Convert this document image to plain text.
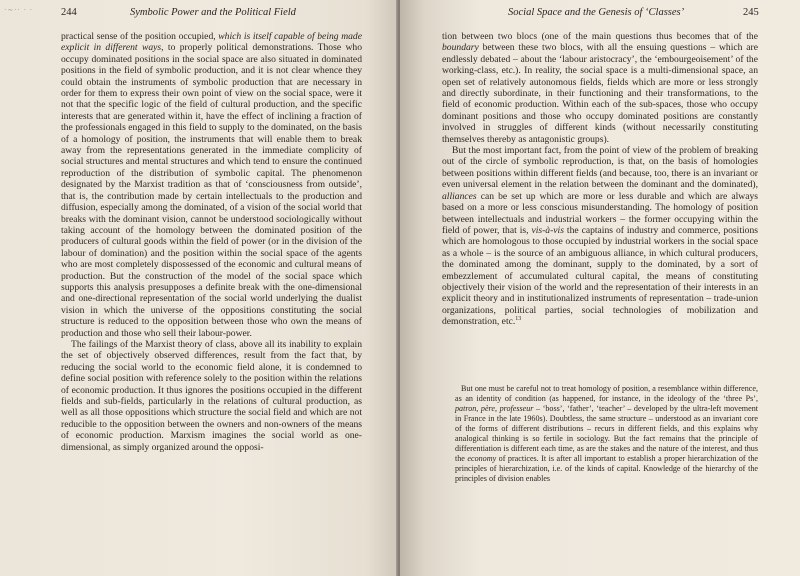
·∼·· · ·	244	Symbolic Power and the Political Field

practical sense of the position occupied, which is itself capable of being made explicit in different ways, to properly political demonstrations. Those who occupy dominated positions in the social space are also situated in dominated positions in the field of symbolic production, and it is not clear whence they could obtain the instruments of symbolic production that are necessary in order for them to express their own point of view on the social space, were it not that the specific logic of the field of cultural production, and the specific interests that are generated within it, have the effect of inclining a fraction of the professionals engaged in this field to supply to the dominated, on the basis of a homology of position, the instruments that will enable them to break away from the representations generated in the immediate complicity of social structures and mental structures and which tend to ensure the continued reproduction of the distribution of symbolic capital. The phenomenon designated by the Marxist tradition as that of ‘consciousness from outside’, that is, the contribution made by certain intellectuals to the production and diffusion, especially among the dominated, of a vision of the social world that breaks with the dominant vision, cannot be understood sociologically without taking account of the homology between the dominated position of the producers of cultural goods within the field of power (or in the division of the labour of domination) and the position within the social space of the agents who are most completely dispossessed of the economic and cultural means of production. But the construction of the model of the social space which supports this analysis presupposes a definite break with the one-dimensional and one-directional representation of the social world underlying the dualist vision in which the universe of the oppositions constituting the social structure is reduced to the opposition between those who own the means of production and those who sell their labour-power.

The failings of the Marxist theory of class, above all its inability to explain the set of objectively observed differences, result from the fact that, by reducing the social world to the economic field alone, it is condemned to define social position with reference solely to the position within the relations of economic production. It thus ignores the positions occupied in the different fields and sub-fields, particularly in the relations of cultural production, as well as all those oppositions which structure the social field and which are not reducible to the opposition between the owners and non-owners of the means of economic production. Marxism imagines the social world as one-dimensional, as simply organized around the opposi-

Social Space and the Genesis of ‘Classes’	245

tion between two blocs (one of the main questions thus becomes that of the boundary between these two blocs, with all the ensuing questions – which are endlessly debated – about the ‘labour aristocracy’, the ‘embourgeoisement’ of the working-class, etc.). In reality, the social space is a multi-dimensional space, an open set of relatively autonomous fields, fields which are more or less strongly and directly subordinate, in their functioning and their transformations, to the field of economic production. Within each of the sub-spaces, those who occupy dominant positions and those who occupy dominated positions are constantly involved in struggles of different kinds (without necessarily constituting themselves thereby as antagonistic groups).

But the most important fact, from the point of view of the problem of breaking out of the circle of symbolic reproduction, is that, on the basis of homologies between positions within different fields (and because, too, there is an invariant or even universal element in the relation between the dominant and the dominated), alliances can be set up which are more or less durable and which are always based on a more or less conscious misunderstanding. The homology of position between intellectuals and industrial workers – the former occupying within the field of power, that is, vis-à-vis the captains of industry and commerce, positions which are homologous to those occupied by industrial workers in the social space as a whole – is the source of an ambiguous alliance, in which cultural producers, the dominated among the dominant, supply to the dominated, by a sort of embezzlement of accumulated cultural capital, the means of constituting objectively their vision of the world and the representation of their interests in an explicit theory and in institutionalized instruments of representation – trade-union organizations, political parties, social technologies of mobilization and demonstration, etc.$^{13}$

But one must be careful not to treat homology of position, a resemblance within difference, as an identity of condition (as happened, for instance, in the ideology of the ‘three Ps’, patron, père, professeur – ‘boss’, ‘father’, ‘teacher’ – developed by the ultra-left movement in France in the late 1960s). Doubtless, the same structure – understood as an invariant core of the forms of different distributions – recurs in different fields, and this explains why analogical thinking is so fertile in sociology. But the fact remains that the principle of differentiation is different each time, as are the stakes and the nature of the interest, and thus the economy of practices. It is after all important to establish a proper hierarchization of the principles of hierarchization, i.e. of the kinds of capital. Knowledge of the hierarchy of the principles of division enables
